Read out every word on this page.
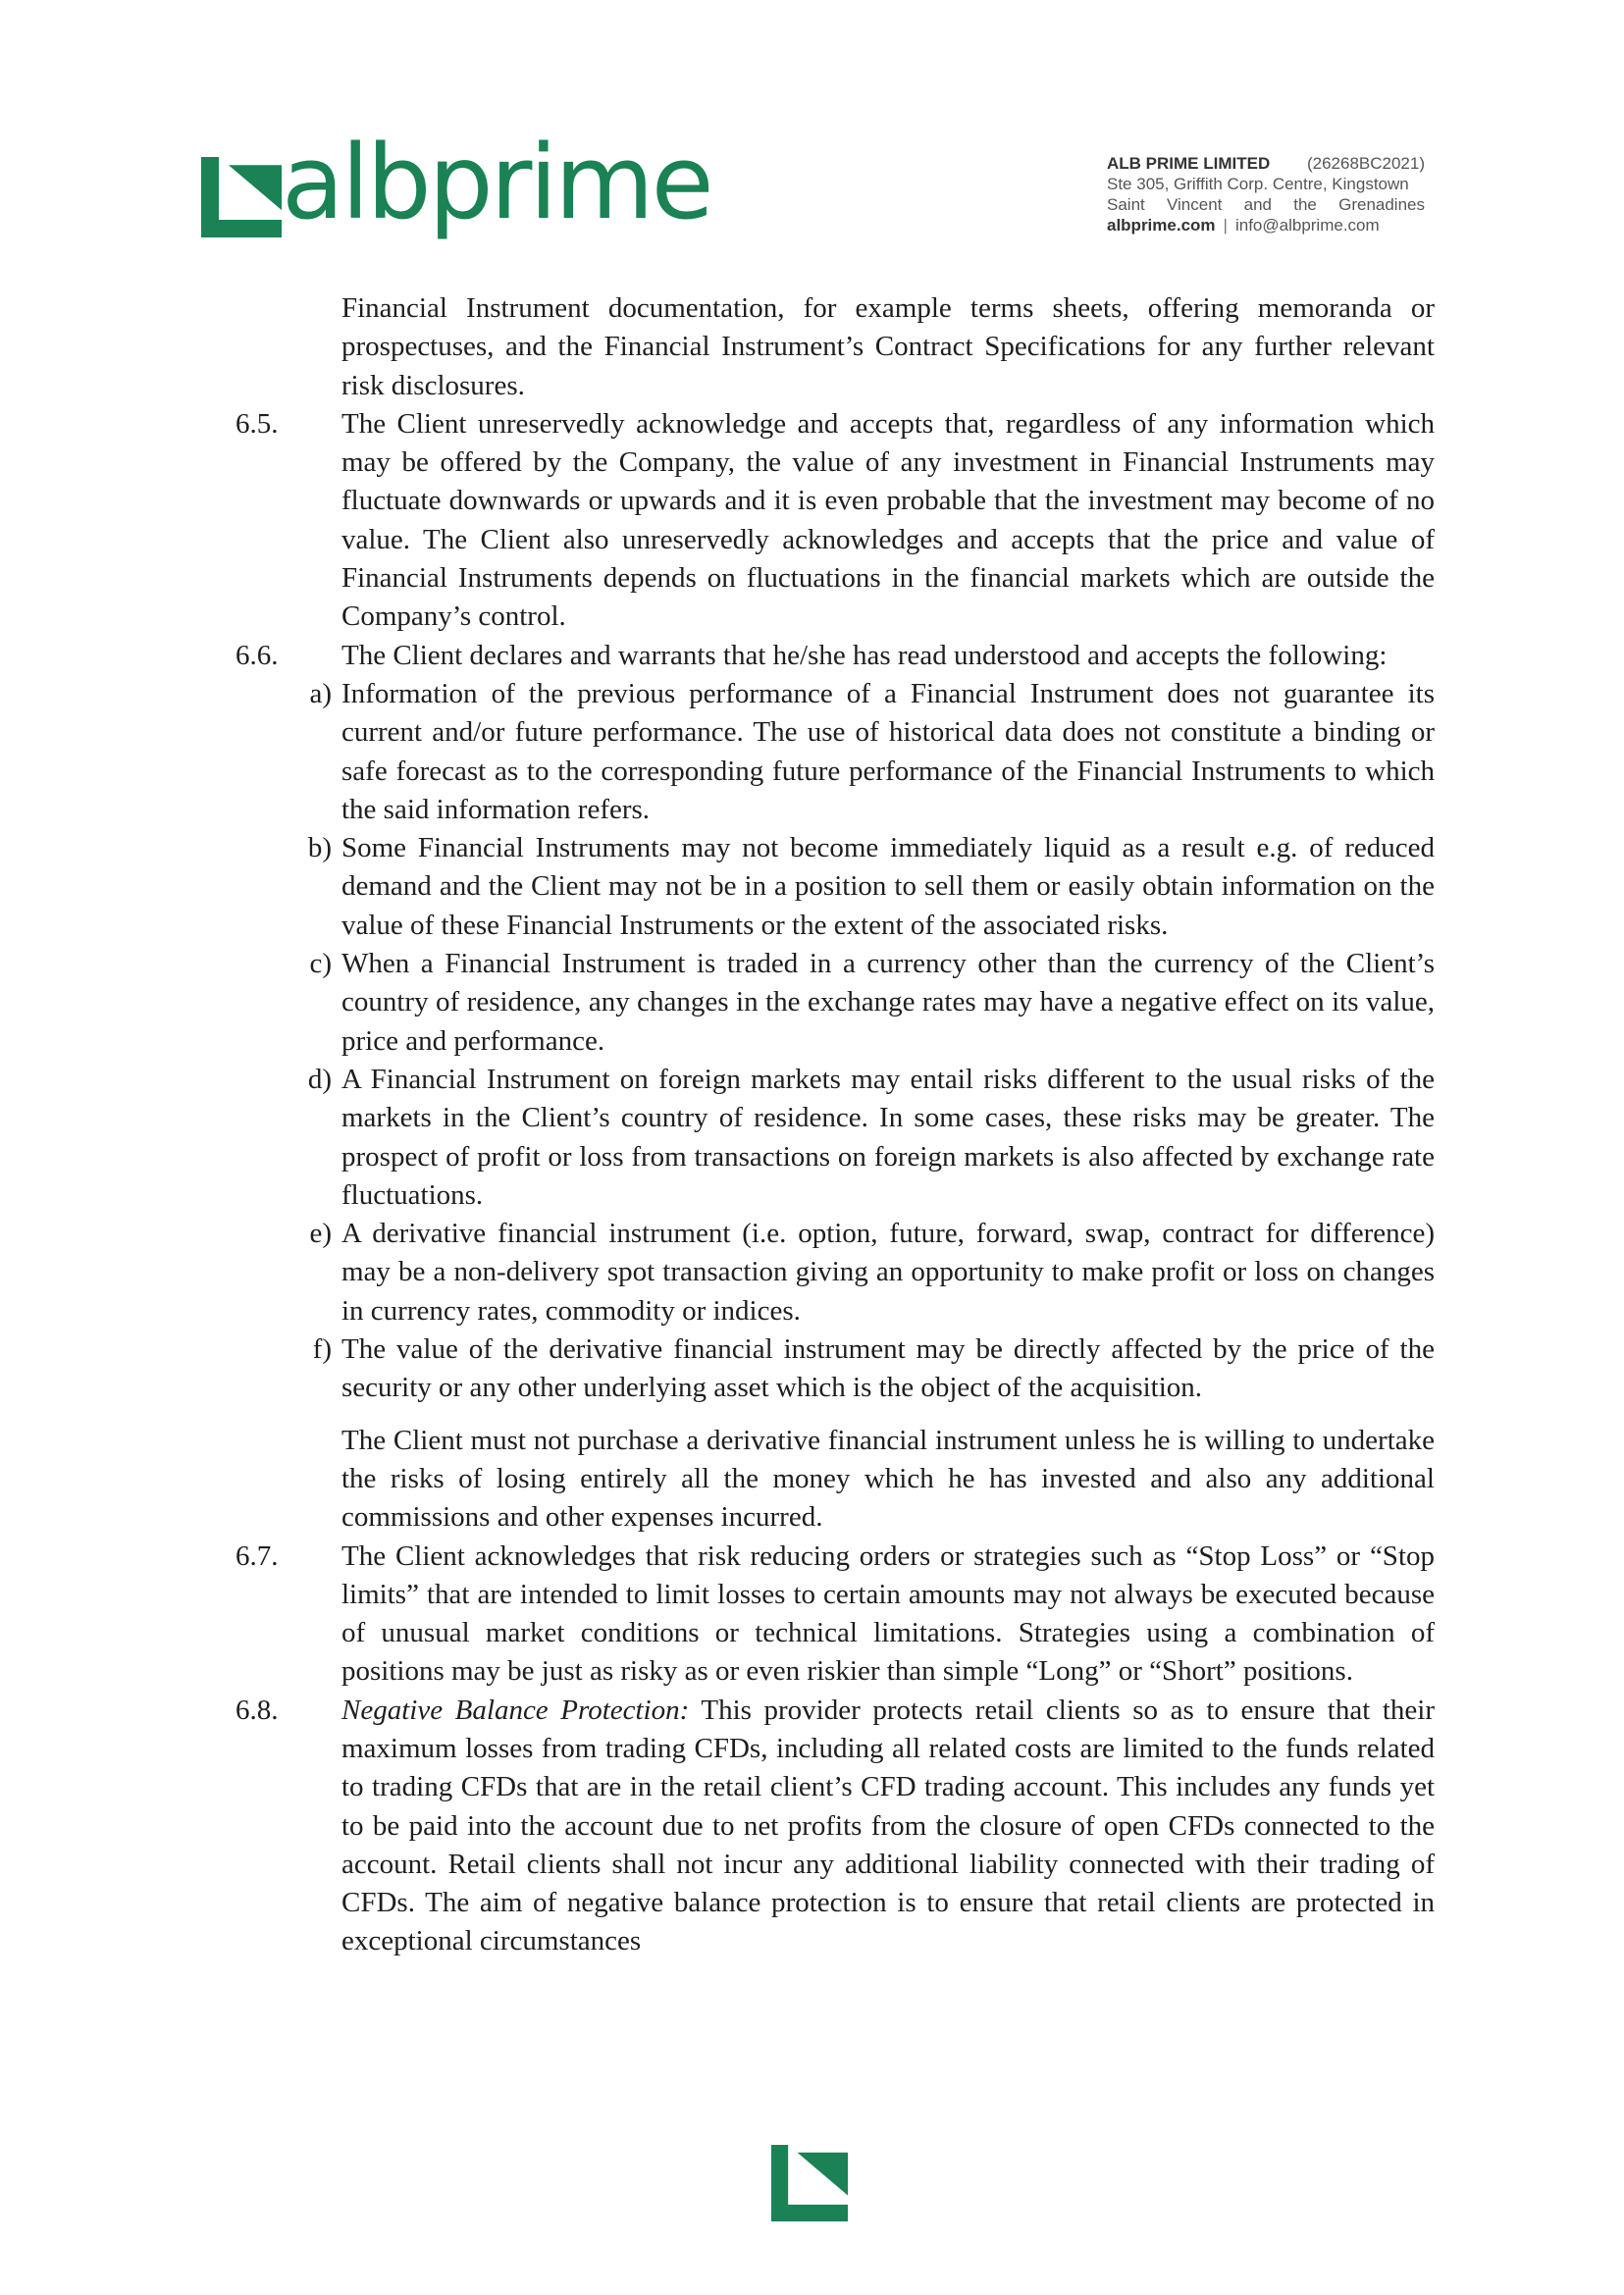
albprime	ALB PRIME LIMITED (26268BC2021)
Ste 305, Griffith Corp. Centre, Kingstown
Saint Vincent and the Grenadines
albprime.com | info@albprime.com

Financial Instrument documentation, for example terms sheets, offering memoranda or prospectuses, and the Financial Instrument’s Contract Specifications for any further relevant risk disclosures.

6.5.	The Client unreservedly acknowledge and accepts that, regardless of any information which may be offered by the Company, the value of any investment in Financial Instruments may fluctuate downwards or upwards and it is even probable that the investment may become of no value. The Client also unreservedly acknowledges and accepts that the price and value of Financial Instruments depends on fluctuations in the financial markets which are outside the Company’s control.
6.6.	The Client declares and warrants that he/she has read understood and accepts the following:
a) Information of the previous performance of a Financial Instrument does not guarantee its current and/or future performance. The use of historical data does not constitute a binding or safe forecast as to the corresponding future performance of the Financial Instruments to which the said information refers.
b) Some Financial Instruments may not become immediately liquid as a result e.g. of reduced demand and the Client may not be in a position to sell them or easily obtain information on the value of these Financial Instruments or the extent of the associated risks.
c) When a Financial Instrument is traded in a currency other than the currency of the Client’s country of residence, any changes in the exchange rates may have a negative effect on its value, price and performance.
d) A Financial Instrument on foreign markets may entail risks different to the usual risks of the markets in the Client’s country of residence. In some cases, these risks may be greater. The prospect of profit or loss from transactions on foreign markets is also affected by exchange rate fluctuations.
e) A derivative financial instrument (i.e. option, future, forward, swap, contract for difference) may be a non-delivery spot transaction giving an opportunity to make profit or loss on changes in currency rates, commodity or indices.
f) The value of the derivative financial instrument may be directly affected by the price of the security or any other underlying asset which is the object of the acquisition.

The Client must not purchase a derivative financial instrument unless he is willing to undertake the risks of losing entirely all the money which he has invested and also any additional commissions and other expenses incurred.

6.7.	The Client acknowledges that risk reducing orders or strategies such as “Stop Loss” or “Stop limits” that are intended to limit losses to certain amounts may not always be executed because of unusual market conditions or technical limitations. Strategies using a combination of positions may be just as risky as or even riskier than simple “Long” or “Short” positions.
6.8.	Negative Balance Protection: This provider protects retail clients so as to ensure that their maximum losses from trading CFDs, including all related costs are limited to the funds related to trading CFDs that are in the retail client’s CFD trading account. This includes any funds yet to be paid into the account due to net profits from the closure of open CFDs connected to the account. Retail clients shall not incur any additional liability connected with their trading of CFDs. The aim of negative balance protection is to ensure that retail clients are protected in exceptional circumstances
